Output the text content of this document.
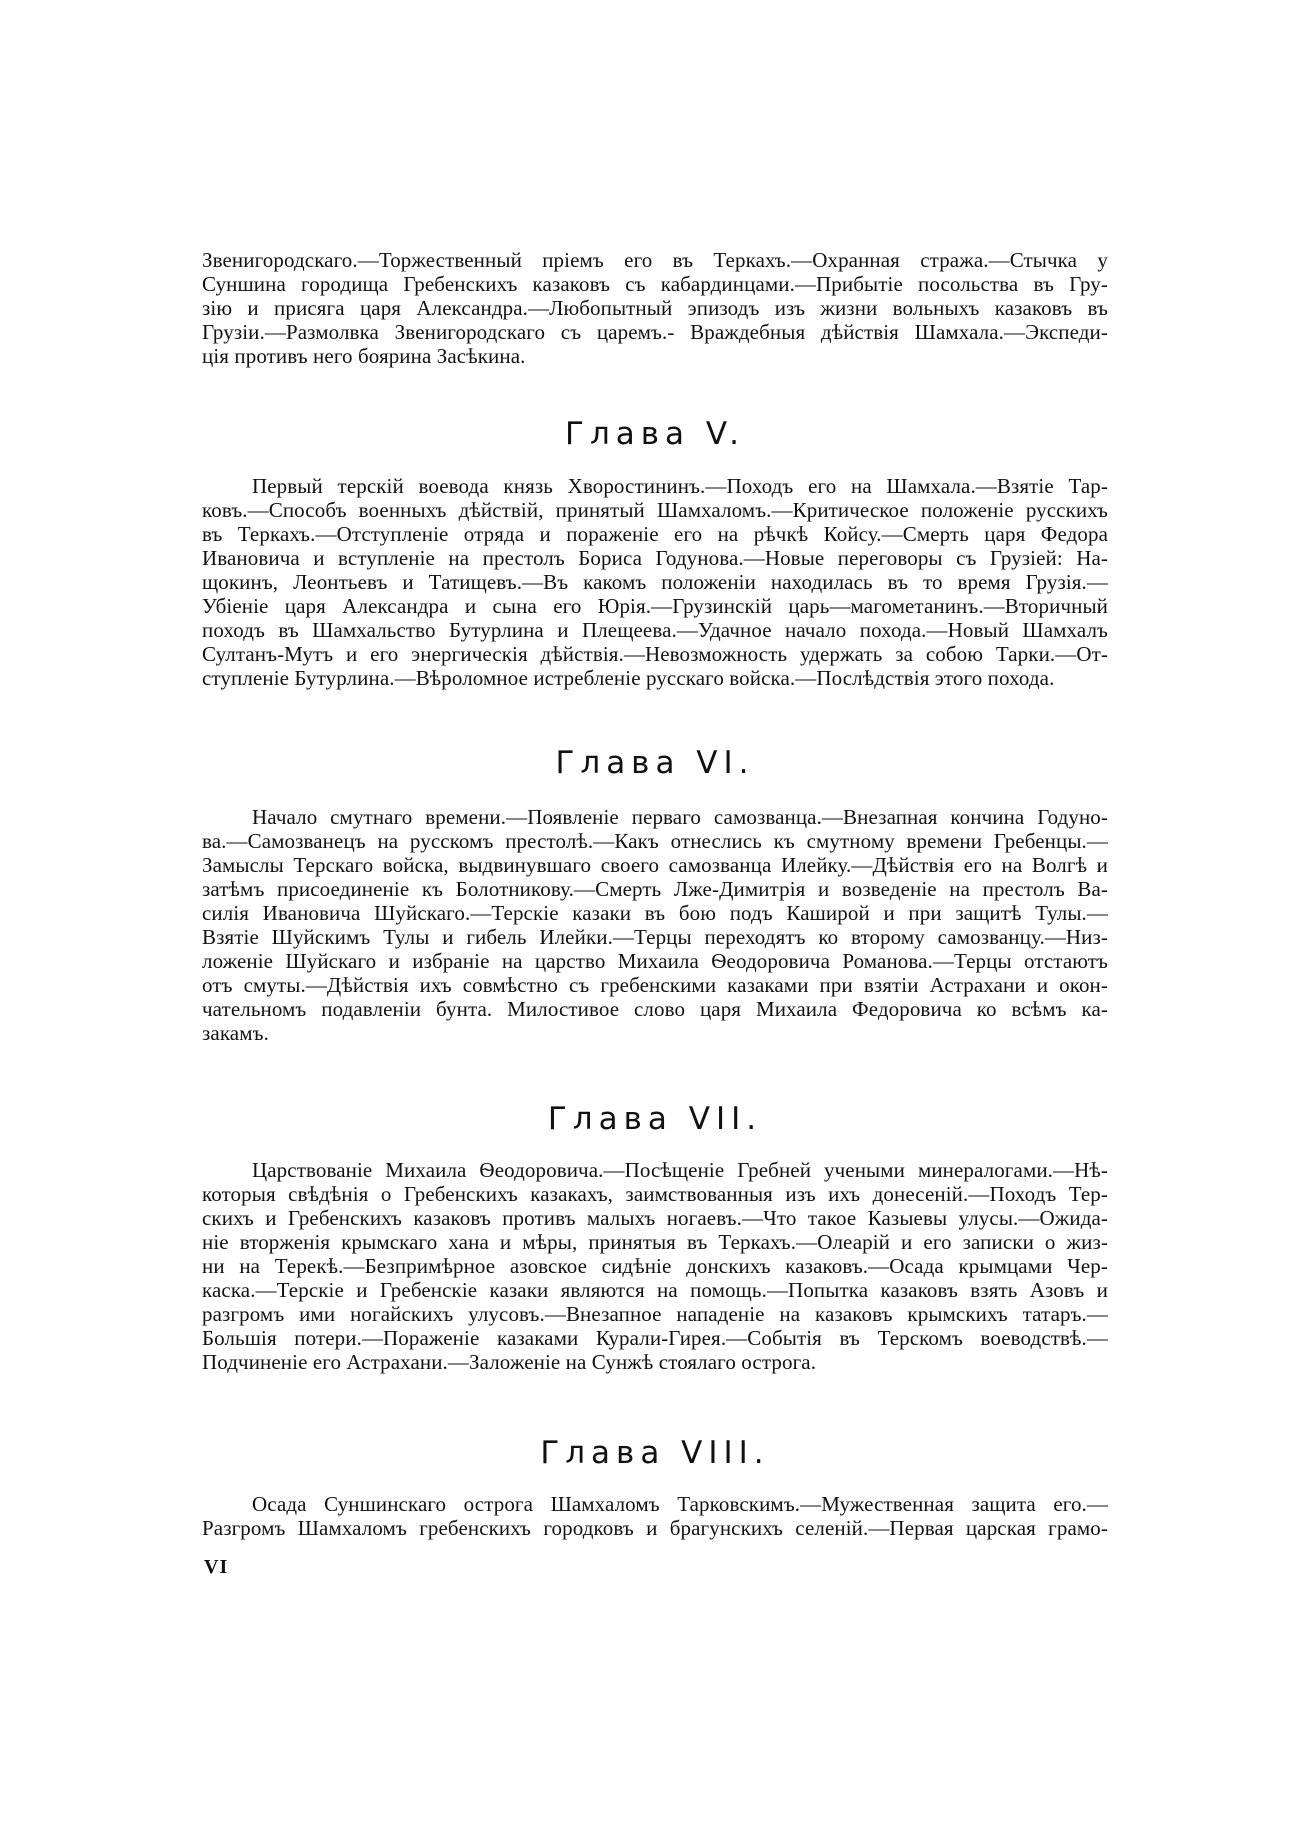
Звенигородскаго.—Торжественный пріемъ его въ Теркахъ.—Охранная стража.—Стычка у
Суншина городища Гребенскихъ казаковъ съ кабардинцами.—Прибытіе посольства въ Гру-
зію и присяга царя Александра.—Любопытный эпизодъ изъ жизни вольныхъ казаковъ въ
Грузіи.—Размолвка Звенигородскаго съ царемъ.- Враждебныя дѣйствія Шамхала.—Экспеди-
ція противъ него боярина Засѣкина.
Глава V.
Первый терскій воевода князь Хворостининъ.—Походъ его на Шамхала.—Взятіе Тар-
ковъ.—Способъ военныхъ дѣйствій, принятый Шамхаломъ.—Критическое положеніе русскихъ
въ Теркахъ.—Отступленіе отряда и пораженіе его на рѣчкѣ Койсу.—Смерть царя Федора
Ивановича и вступленіе на престолъ Бориса Годунова.—Новые переговоры съ Грузіей: На-
щокинъ, Леонтьевъ и Татищевъ.—Въ какомъ положеніи находилась въ то время Грузія.—
Убіеніе царя Александра и сына его Юрія.—Грузинскій царь—магометанинъ.—Вторичный
походъ въ Шамхальство Бутурлина и Плещеева.—Удачное начало похода.—Новый Шамхалъ
Султанъ-Мутъ и его энергическія дѣйствія.—Невозможность удержать за собою Тарки.—От-
ступленіе Бутурлина.—Вѣроломное истребленіе русскаго войска.—Послѣдствія этого похода.
Глава VI.
Начало смутнаго времени.—Появленіе перваго самозванца.—Внезапная кончина Годуно-
ва.—Самозванецъ на русскомъ престолѣ.—Какъ отнеслись къ смутному времени Гребенцы.—
Замыслы Терскаго войска, выдвинувшаго своего самозванца Илейку.—Дѣйствія его на Волгѣ и
затѣмъ присоединеніе къ Болотникову.—Смерть Лже-Димитрія и возведеніе на престолъ Ва-
силія Ивановича Шуйскаго.—Терскіе казаки въ бою подъ Каширой и при защитѣ Тулы.—
Взятіе Шуйскимъ Тулы и гибель Илейки.—Терцы переходятъ ко второму самозванцу.—Низ-
ложеніе Шуйскаго и избраніе на царство Михаила Ѳеодоровича Романова.—Терцы отстаютъ
отъ смуты.—Дѣйствія ихъ совмѣстно съ гребенскими казаками при взятіи Астрахани и окон-
чательномъ подавленіи бунта. Милостивое слово царя Михаила Федоровича ко всѣмъ ка-
закамъ.
Глава VII.
Царствованіе Михаила Ѳеодоровича.—Посѣщеніе Гребней учеными минералогами.—Нѣ-
которыя свѣдѣнія о Гребенскихъ казакахъ, заимствованныя изъ ихъ донесеній.—Походъ Тер-
скихъ и Гребенскихъ казаковъ противъ малыхъ ногаевъ.—Что такое Казыевы улусы.—Ожида-
ніе вторженія крымскаго хана и мѣры, принятыя въ Теркахъ.—Олеарій и его записки о жиз-
ни на Терекѣ.—Безпримѣрное азовское сидѣніе донскихъ казаковъ.—Осада крымцами Чер-
каска.—Терскіе и Гребенскіе казаки являются на помощь.—Попытка казаковъ взять Азовъ и
разгромъ ими ногайскихъ улусовъ.—Внезапное нападеніе на казаковъ крымскихъ татаръ.—
Большія потери.—Пораженіе казаками Курали-Гирея.—Событія въ Терскомъ воеводствѣ.—
Подчиненіе его Астрахани.—Заложеніе на Сунжѣ стоялаго острога.
Глава VIII.
Осада Суншинскаго острога Шамхаломъ Тарковскимъ.—Мужественная защита его.—
Разгромъ Шамхаломъ гребенскихъ городковъ и брагунскихъ селеній.—Первая царская грамо-
VI
